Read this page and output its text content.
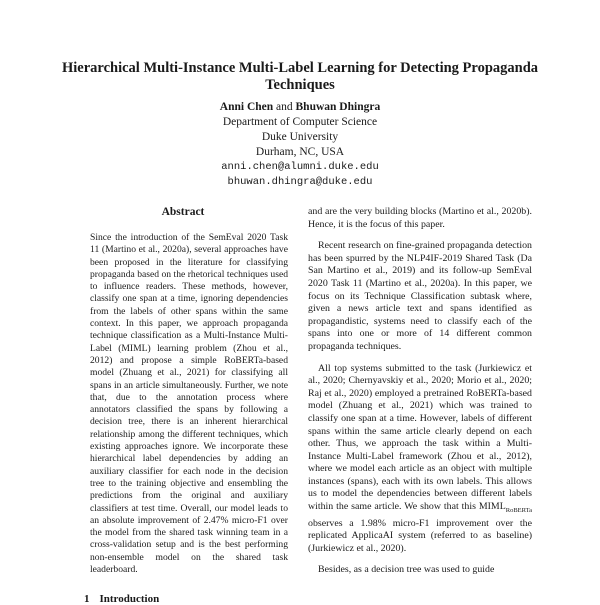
Hierarchical Multi-Instance Multi-Label Learning for Detecting Propaganda Techniques
Anni Chen and Bhuwan Dhingra
Department of Computer Science
Duke University
Durham, NC, USA
anni.chen@alumni.duke.edu
bhuwan.dhingra@duke.edu
Abstract
Since the introduction of the SemEval 2020 Task 11 (Martino et al., 2020a), several approaches have been proposed in the literature for classifying propaganda based on the rhetorical techniques used to influence readers. These methods, however, classify one span at a time, ignoring dependencies from the labels of other spans within the same context. In this paper, we approach propaganda technique classification as a Multi-Instance Multi-Label (MIML) learning problem (Zhou et al., 2012) and propose a simple RoBERTa-based model (Zhuang et al., 2021) for classifying all spans in an article simultaneously. Further, we note that, due to the annotation process where annotators classified the spans by following a decision tree, there is an inherent hierarchical relationship among the different techniques, which existing approaches ignore. We incorporate these hierarchical label dependencies by adding an auxiliary classifier for each node in the decision tree to the training objective and ensembling the predictions from the original and auxiliary classifiers at test time. Overall, our model leads to an absolute improvement of 2.47% micro-F1 over the model from the shared task winning team in a cross-validation setup and is the best performing non-ensemble model on the shared task leaderboard.

and are the very building blocks (Martino et al., 2020b). Hence, it is the focus of this paper.

Recent research on fine-grained propaganda detection has been spurred by the NLP4IF-2019 Shared Task (Da San Martino et al., 2019) and its follow-up SemEval 2020 Task 11 (Martino et al., 2020a). In this paper, we focus on its Technique Classification subtask where, given a news article text and spans identified as propagandistic, systems need to classify each of the spans into one or more of 14 different common propaganda techniques.

All top systems submitted to the task (Jurkiewicz et al., 2020; Chernyavskiy et al., 2020; Morio et al., 2020; Raj et al., 2020) employed a pretrained RoBERTa-based model (Zhuang et al., 2021) which was trained to classify one span at a time. However, labels of different spans within the same article clearly depend on each other. Thus, we approach the task within a Multi-Instance Multi-Label framework (Zhou et al., 2012), where we model each article as an object with multiple instances (spans), each with its own labels. This allows us to model the dependencies between different labels within the same article. We show that this $MIML_{RoBERTa}$ observes a 1.98% micro-F1 improvement over the replicated ApplicaAI system (referred to as baseline) (Jurkiewicz et al., 2020).

Besides, as a decision tree was used to guide

1 Introduction
